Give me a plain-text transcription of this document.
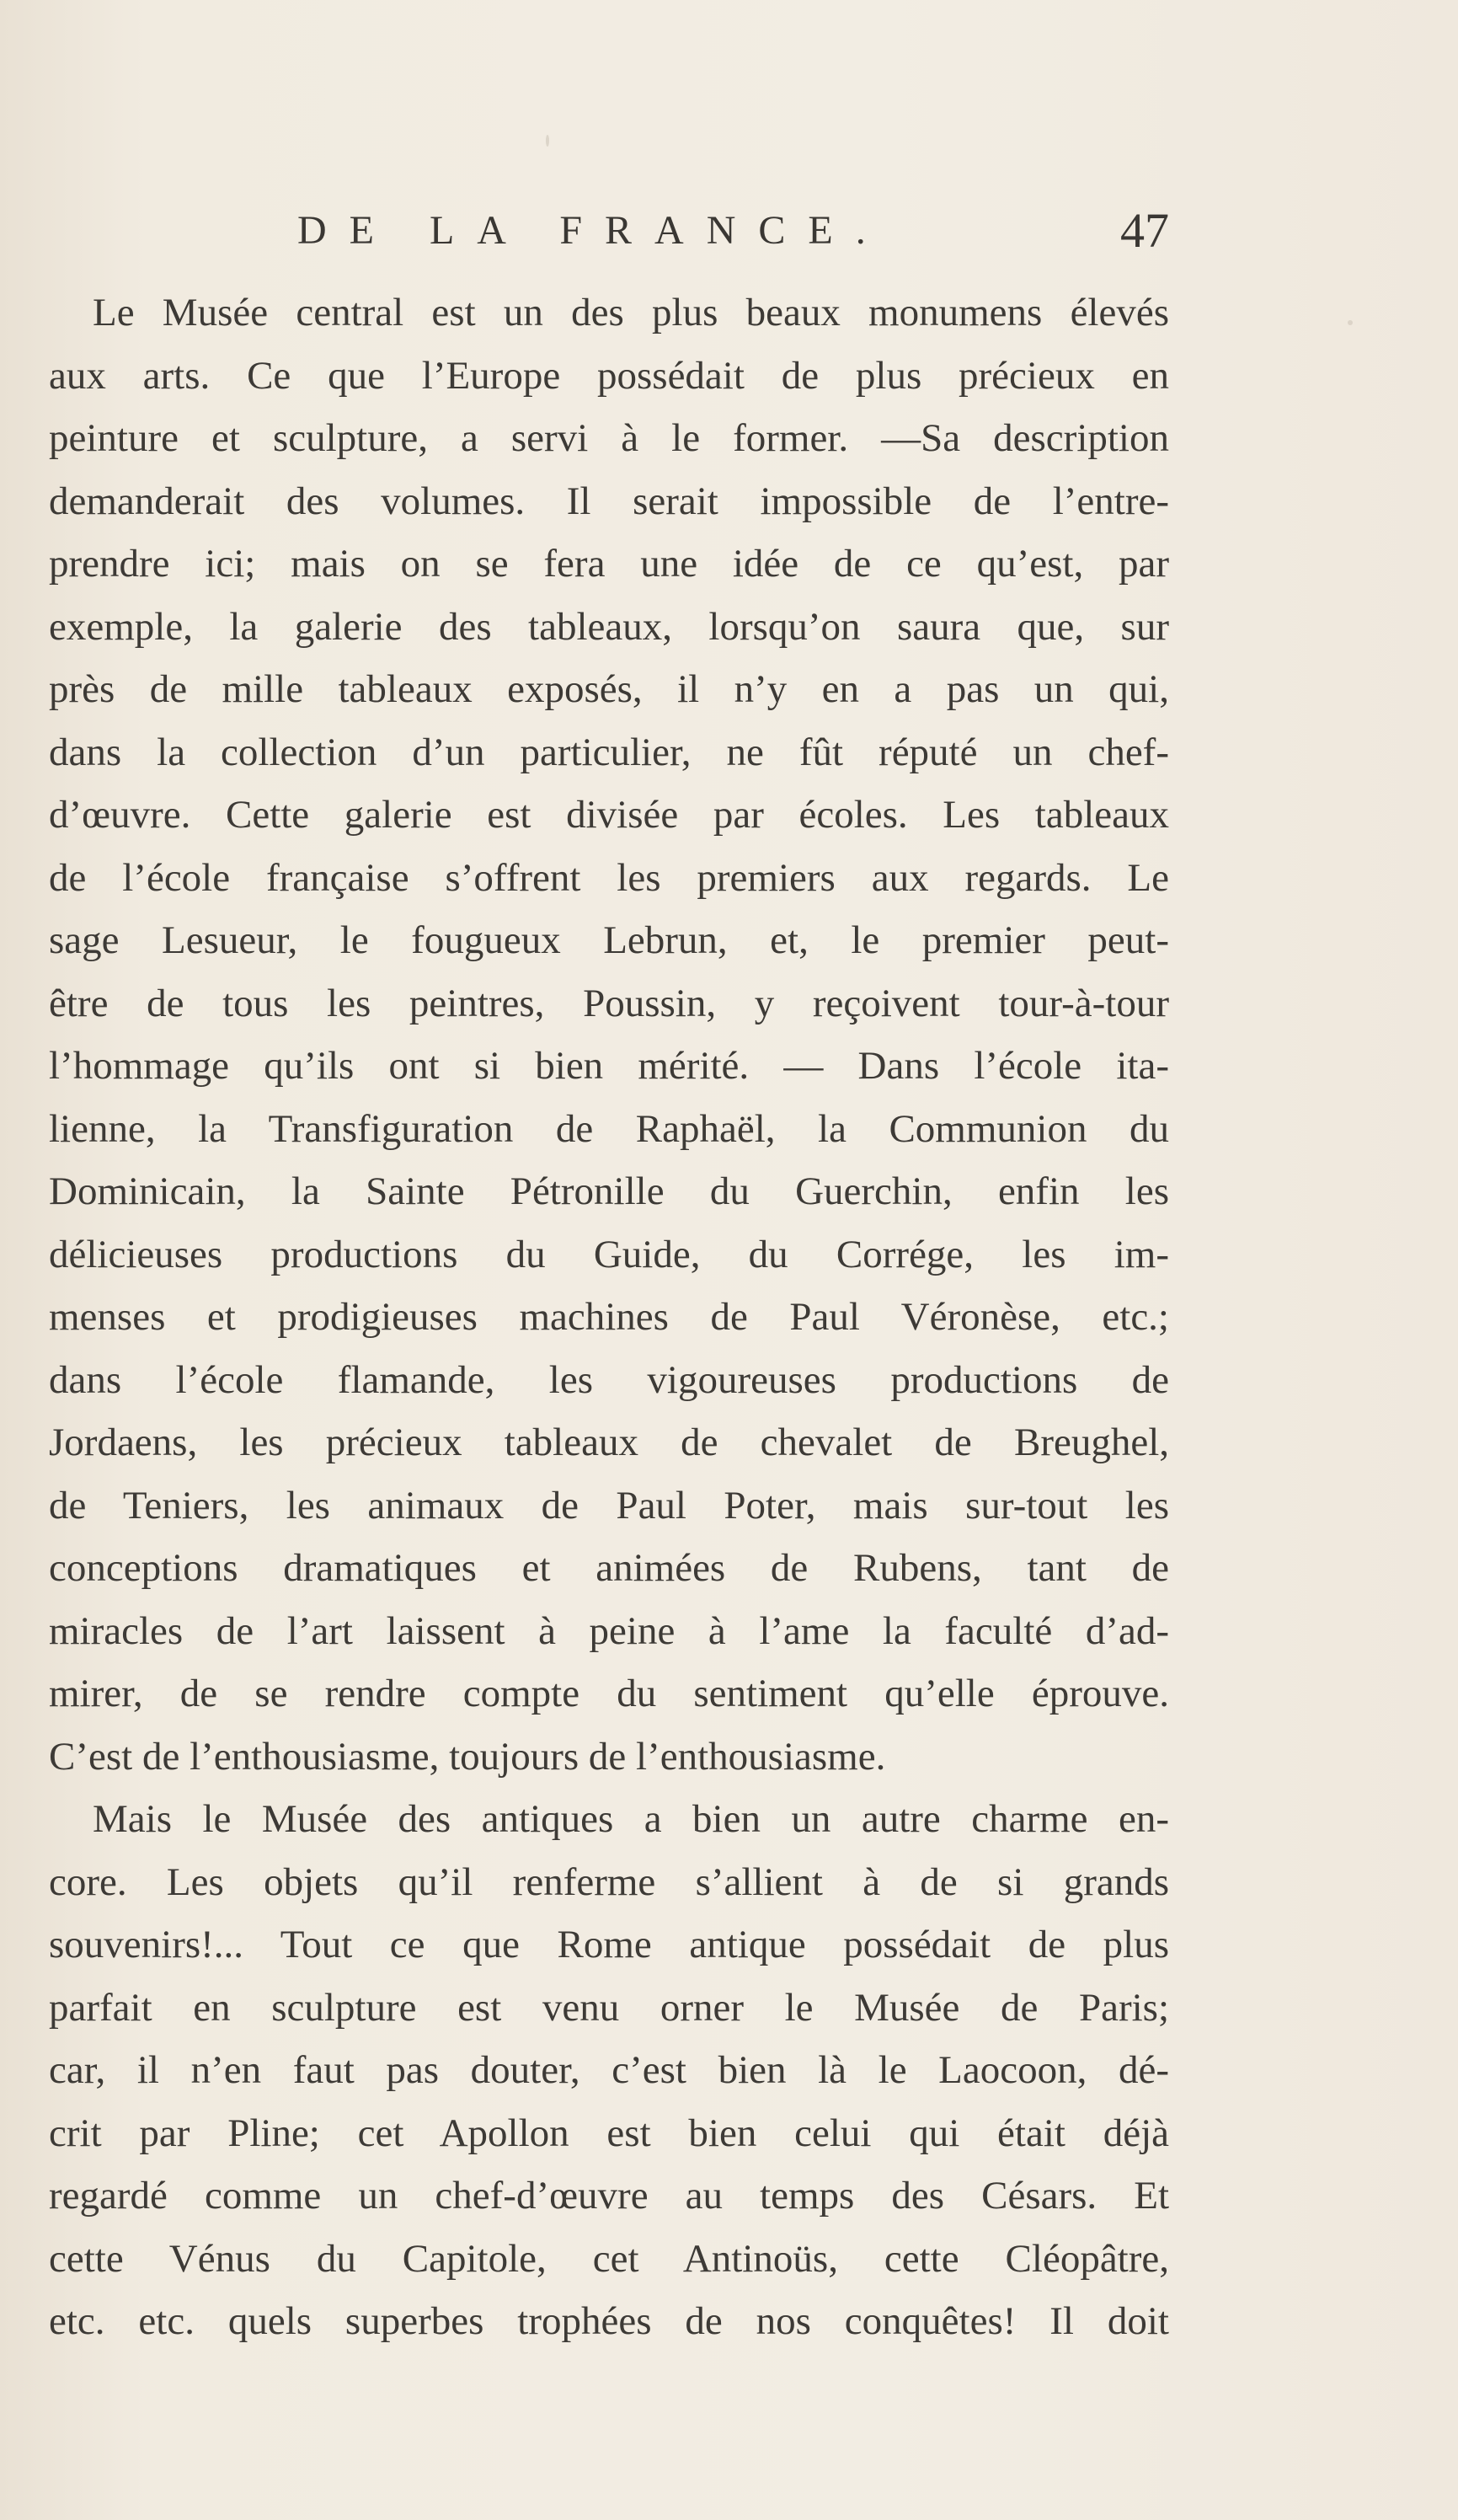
DE LA FRANCE.	47
Le Musée central est un des plus beaux monumens élevés
aux arts. Ce que l’Europe possédait de plus précieux en
peinture et sculpture, a servi à le former. —Sa description
demanderait des volumes. Il serait impossible de l’entre-
prendre ici; mais on se fera une idée de ce qu’est, par
exemple, la galerie des tableaux, lorsqu’on saura que, sur
près de mille tableaux exposés, il n’y en a pas un qui,
dans la collection d’un particulier, ne fût réputé un chef-
d’œuvre. Cette galerie est divisée par écoles. Les tableaux
de l’école française s’offrent les premiers aux regards. Le
sage Lesueur, le fougueux Lebrun, et, le premier peut-
être de tous les peintres, Poussin, y reçoivent tour-à-tour
l’hommage qu’ils ont si bien mérité. — Dans l’école ita-
lienne, la Transfiguration de Raphaël, la Communion du
Dominicain, la Sainte Pétronille du Guerchin, enfin les
délicieuses productions du Guide, du Corrége, les im-
menses et prodigieuses machines de Paul Véronèse, etc.;
dans l’école flamande, les vigoureuses productions de
Jordaens, les précieux tableaux de chevalet de Breughel,
de Teniers, les animaux de Paul Poter, mais sur-tout les
conceptions dramatiques et animées de Rubens, tant de
miracles de l’art laissent à peine à l’ame la faculté d’ad-
mirer, de se rendre compte du sentiment qu’elle éprouve.
C’est de l’enthousiasme, toujours de l’enthousiasme.
Mais le Musée des antiques a bien un autre charme en-
core. Les objets qu’il renferme s’allient à de si grands
souvenirs!... Tout ce que Rome antique possédait de plus
parfait en sculpture est venu orner le Musée de Paris;
car, il n’en faut pas douter, c’est bien là le Laocoon, dé-
crit par Pline; cet Apollon est bien celui qui était déjà
regardé comme un chef-d’œuvre au temps des Césars. Et
cette Vénus du Capitole, cet Antinoüs, cette Cléopâtre,
etc. etc. quels superbes trophées de nos conquêtes! Il doit
